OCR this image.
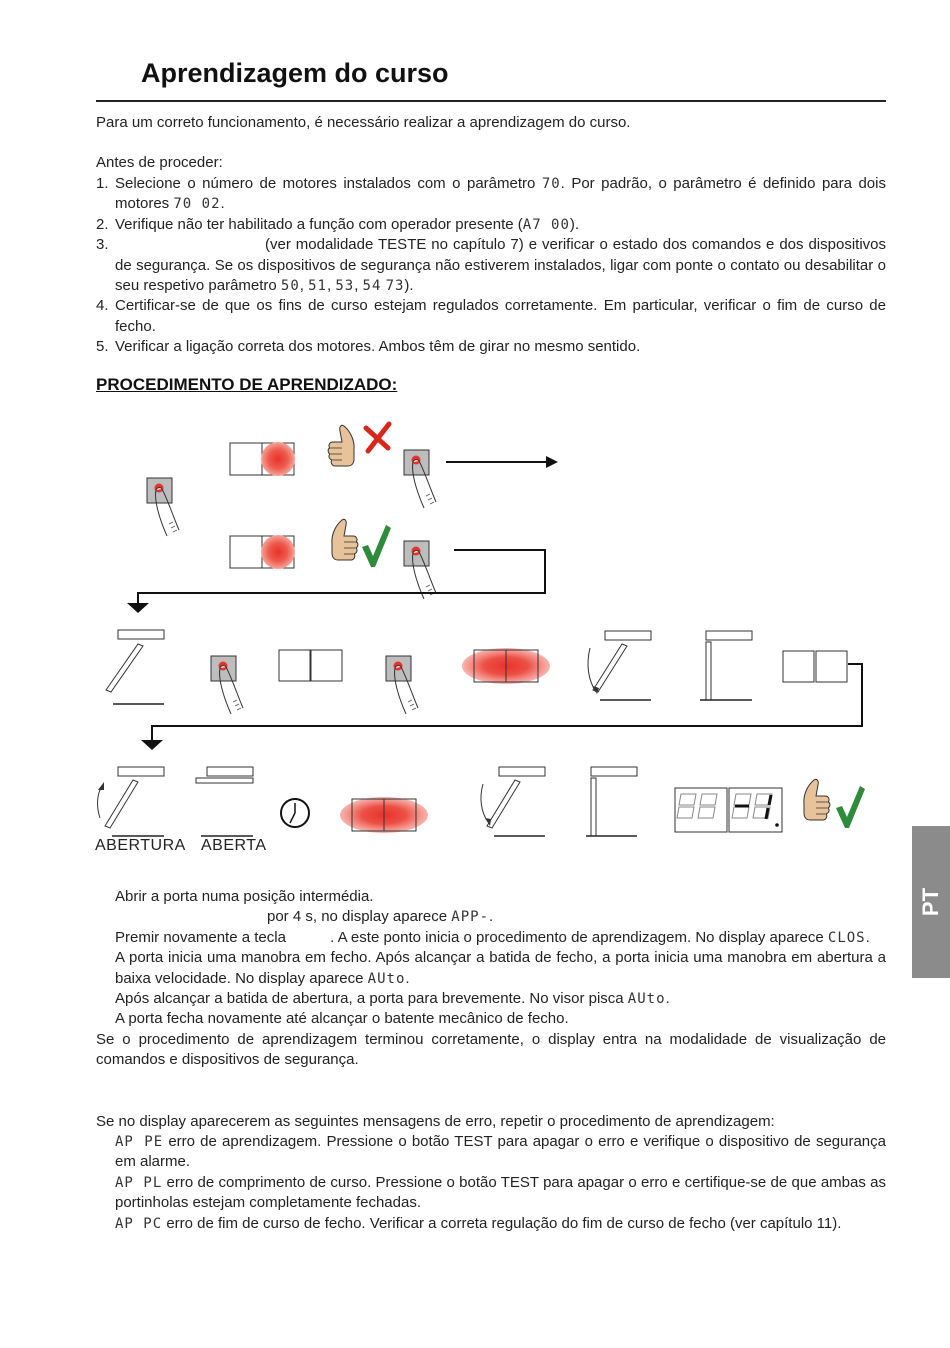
Aprendizagem do curso
Para um correto funcionamento, é necessário realizar a aprendizagem do curso.
Antes de proceder:
1. Selecione o número de motores instalados com o parâmetro 70. Por padrão, o parâmetro é definido para dois motores 70 02.
2. Verifique não ter habilitado a função com operador presente (A7 00).
3.	(ver modalidade TESTE no capítulo 7) e verificar o estado dos comandos e dos dispositivos de segurança. Se os dispositivos de segurança não estiverem instalados, ligar com ponte o contato ou desabilitar o seu respetivo parâmetro 50, 51, 53, 54 73).
4. Certificar-se de que os fins de curso estejam regulados corretamente. Em particular, verificar o fim de curso de fecho.
5. Verificar a ligação correta dos motores. Ambos têm de girar no mesmo sentido.
PROCEDIMENTO DE APRENDIZADO:
ABERTURA ABERTA
Abrir a porta numa posição intermédia.
por 4 s, no display aparece APP-.
Premir novamente a tecla	. A este ponto inicia o procedimento de aprendizagem. No display aparece CLOS.
A porta inicia uma manobra em fecho. Após alcançar a batida de fecho, a porta inicia uma manobra em abertura a baixa velocidade. No display aparece AUto.
Após alcançar a batida de abertura, a porta para brevemente. No visor pisca AUto.
A porta fecha novamente até alcançar o batente mecânico de fecho.
Se o procedimento de aprendizagem terminou corretamente, o display entra na modalidade de visualização de comandos e dispositivos de segurança.
Se no display aparecerem as seguintes mensagens de erro, repetir o procedimento de aprendizagem:
AP PE erro de aprendizagem. Pressione o botão TEST para apagar o erro e verifique o dispositivo de segurança em alarme.
AP PL erro de comprimento de curso. Pressione o botão TEST para apagar o erro e certifique-se de que ambas as portinholas estejam completamente fechadas.
AP PC erro de fim de curso de fecho. Verificar a correta regulação do fim de curso de fecho (ver capítulo 11).
PT
